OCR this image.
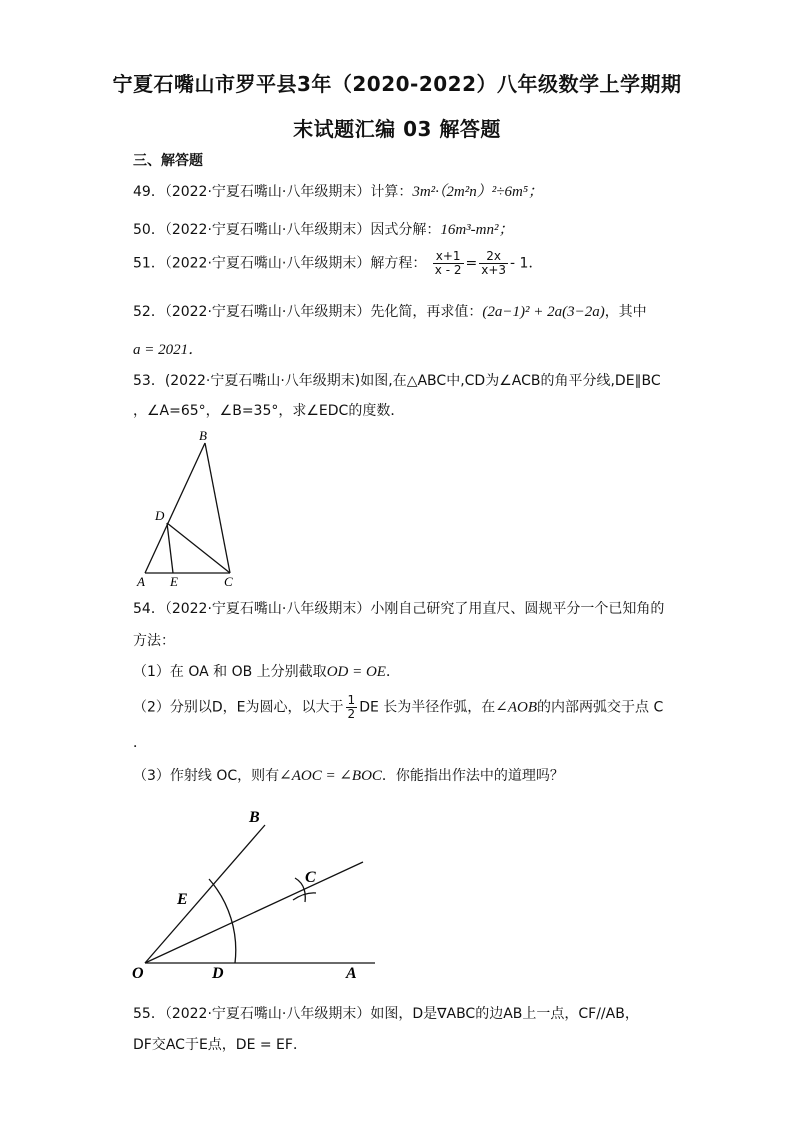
宁夏石嘴山市罗平县3年（2020-2022）八年级数学上学期期
末试题汇编 03 解答题
三、解答题
49．（2022·宁夏石嘴山·八年级期末）计算：3m²·（2m²n）²÷6m⁵；
50．（2022·宁夏石嘴山·八年级期末）因式分解：16m³-mn²；
51．（2022·宁夏石嘴山·八年级期末）解方程： $\frac{x+1}{x - 2} = \frac{2x}{x+3} - 1$．
52．（2022·宁夏石嘴山·八年级期末）先化简，再求值：(2a−1)² + 2a(3−2a)，其中
a = 2021．
53．(2022·宁夏石嘴山·八年级期末)如图,在△ABC中,CD为∠ACB的角平分线,DE∥BC
，∠A=65°，∠B=35°，求∠EDC的度数．
B
D
A E	C
54．（2022·宁夏石嘴山·八年级期末）小刚自己研究了用直尺、圆规平分一个已知角的
方法：
（1）在 OA 和 OB 上分别截取OD = OE．
（2）分别以D，E为圆心，以大于 $\frac{1}{2}$ DE 长为半径作弧，在∠AOB的内部两弧交于点 C
．
（3）作射线 OC，则有∠AOC = ∠BOC．你能指出作法中的道理吗？
B
C
E
O	D	A
55．（2022·宁夏石嘴山·八年级期末）如图，D是∇ABC的边AB上一点，CF//AB，
DF交AC于E点，DE = EF．
